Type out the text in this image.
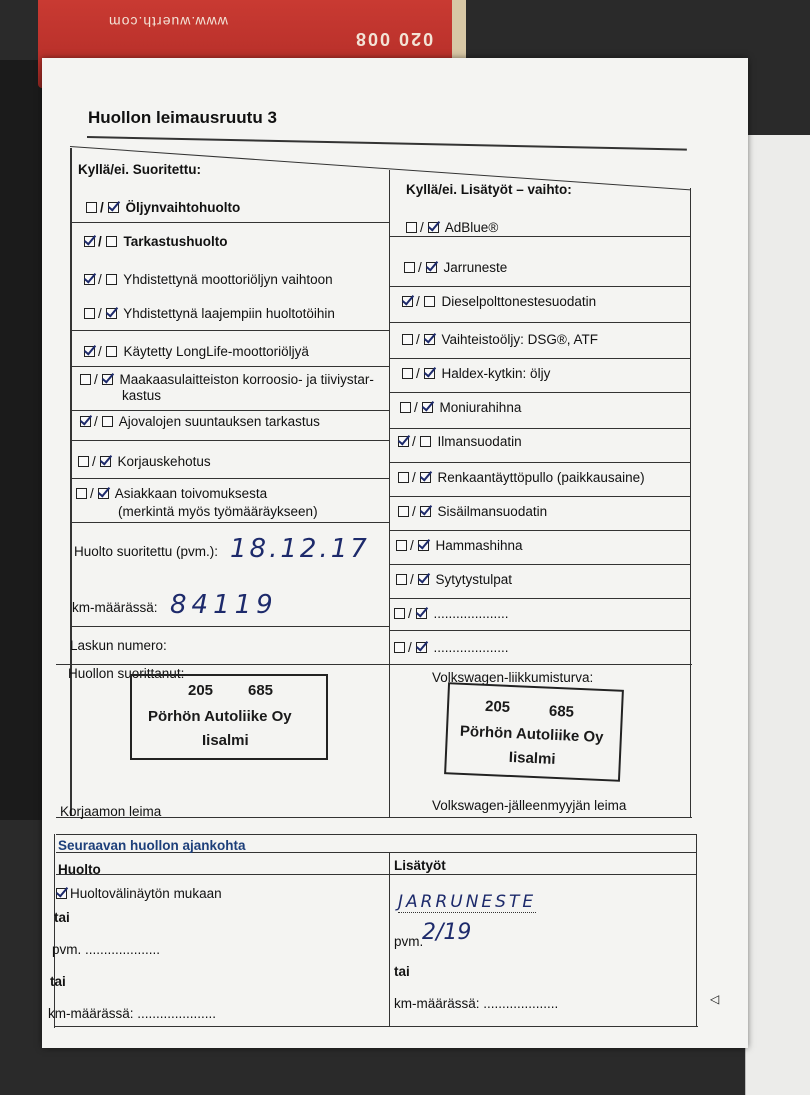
www.wuerth.com
020 008
Huollon leimausruutu 3
Kyllä/ei. Suoritettu:
Kyllä/ei. Lisätyöt – vaihto:
/ Öljynvaihtohuolto
/ Tarkastushuolto
/ Yhdistettynä moottoriöljyn vaihtoon
/ Yhdistettynä laajempiin huoltotöihin
/ Käytetty LongLife-moottoriöljyä
/ Maakaasulaitteiston korroosio- ja tiiviystar-
kastus
/ Ajovalojen suuntauksen tarkastus
/ Korjauskehotus
/ Asiakkaan toivomuksesta
(merkintä myös työmääräykseen)
Huolto suoritettu (pvm.): 18.12.17
km-määrässä: 84119
Laskun numero:
Huollon suorittanut:
Korjaamon leima
/ AdBlue®
/ Jarruneste
/ Dieselpolttonestesuodatin
/ Vaihteistoöljy: DSG®, ATF
/ Haldex-kytkin: öljy
/ Moniurahihna
/ Ilmansuodatin
/ Renkaantäyttöpullo (paikkausaine)
/ Sisäilmansuodatin
/ Hammashihna
/ Sytytystulpat
/ ....................
/ ....................
Volkswagen-liikkumisturva:
Volkswagen-jälleenmyyjän leima
205 685
Pörhön Autoliike Oy
Iisalmi
205	685
Pörhön Autoliike Oy
Iisalmi
Seuraavan huollon ajankohta
Huolto	Lisätyöt
Huoltovälinäytön mukaan
tai
pvm. ....................
tai
km-määrässä: .....................
JARRUNESTE
pvm.
2/19
tai
km-määrässä: ....................	◁
